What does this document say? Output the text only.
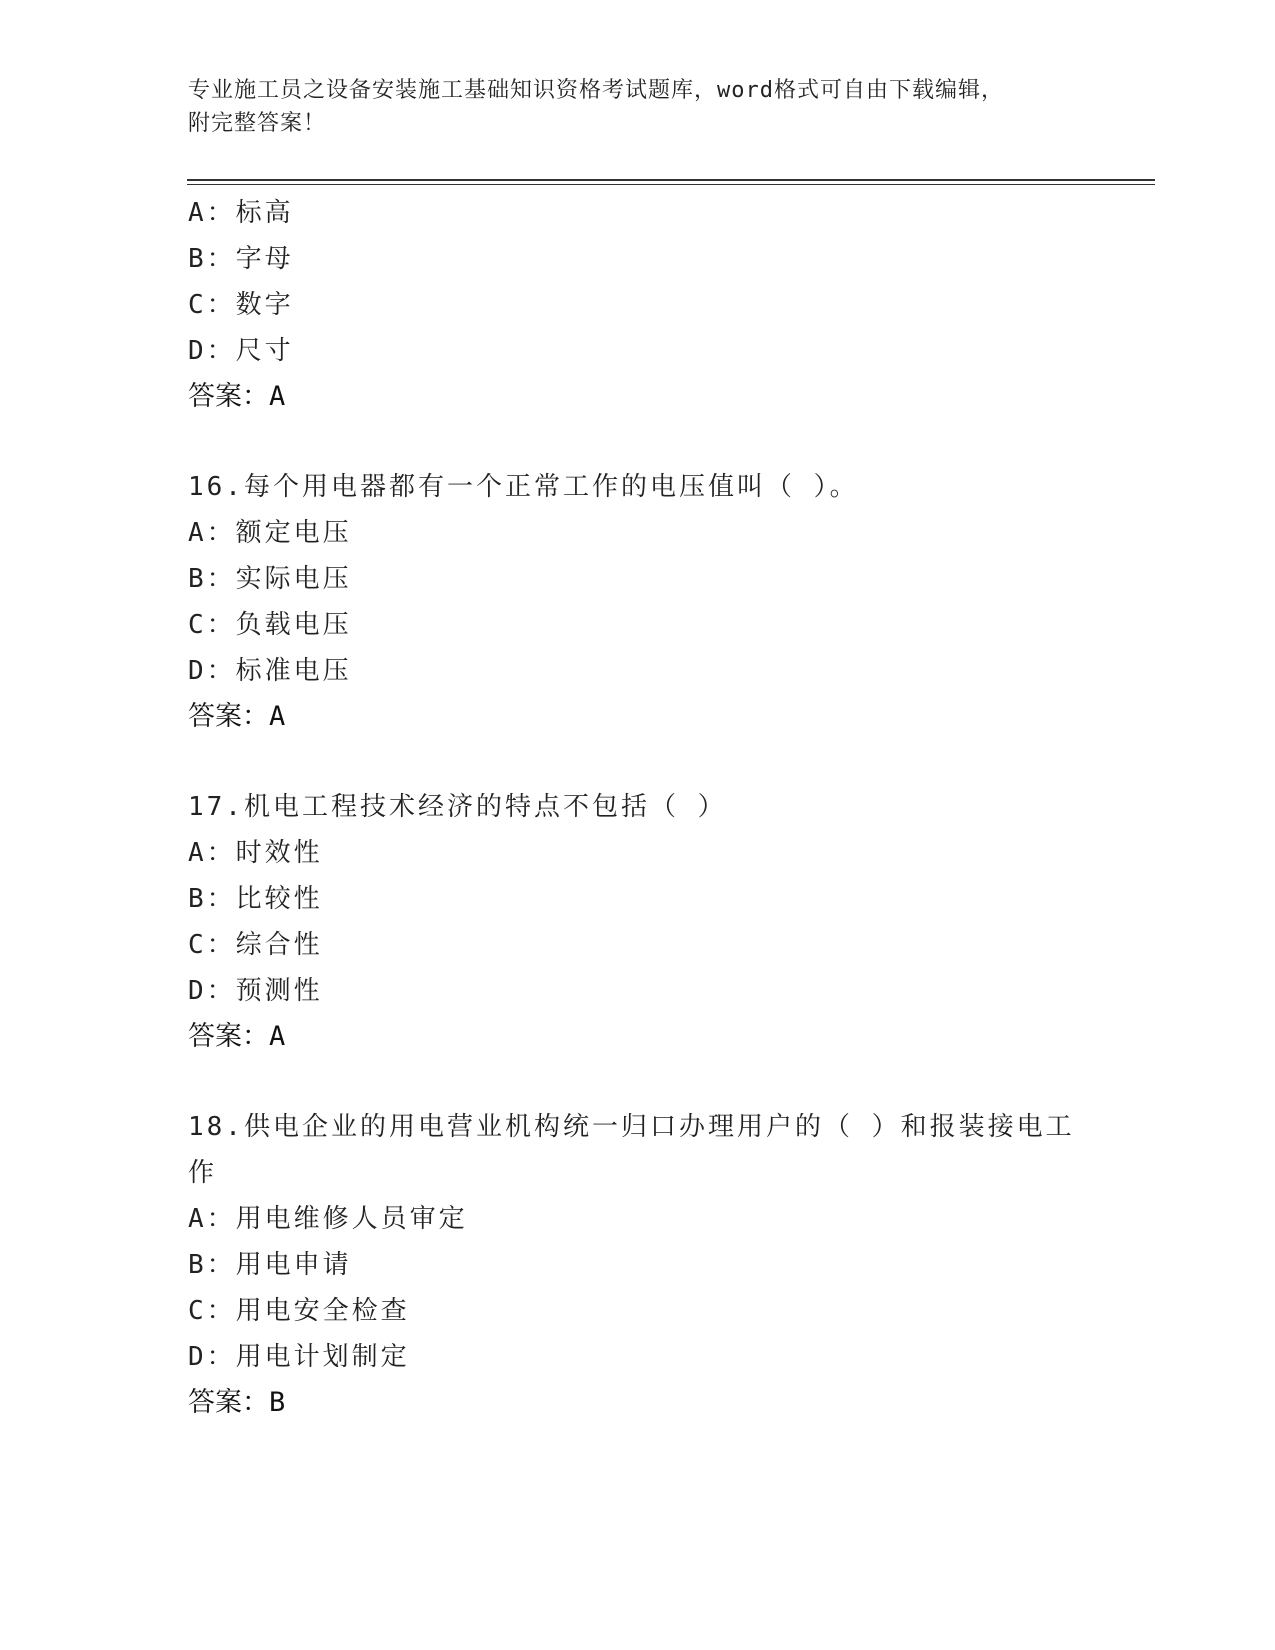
专业施工员之设备安装施工基础知识资格考试题库，word格式可自由下载编辑，
附完整答案！
A：标高
B：字母
C：数字
D：尺寸
答案：A
16.每个用电器都有一个正常工作的电压值叫（ ）。
A：额定电压
B：实际电压
C：负载电压
D：标准电压
答案：A
17.机电工程技术经济的特点不包括（ ）
A：时效性
B：比较性
C：综合性
D：预测性
答案：A
18.供电企业的用电营业机构统一归口办理用户的（ ）和报装接电工
作
A：用电维修人员审定
B：用电申请
C：用电安全检查
D：用电计划制定
答案：B
